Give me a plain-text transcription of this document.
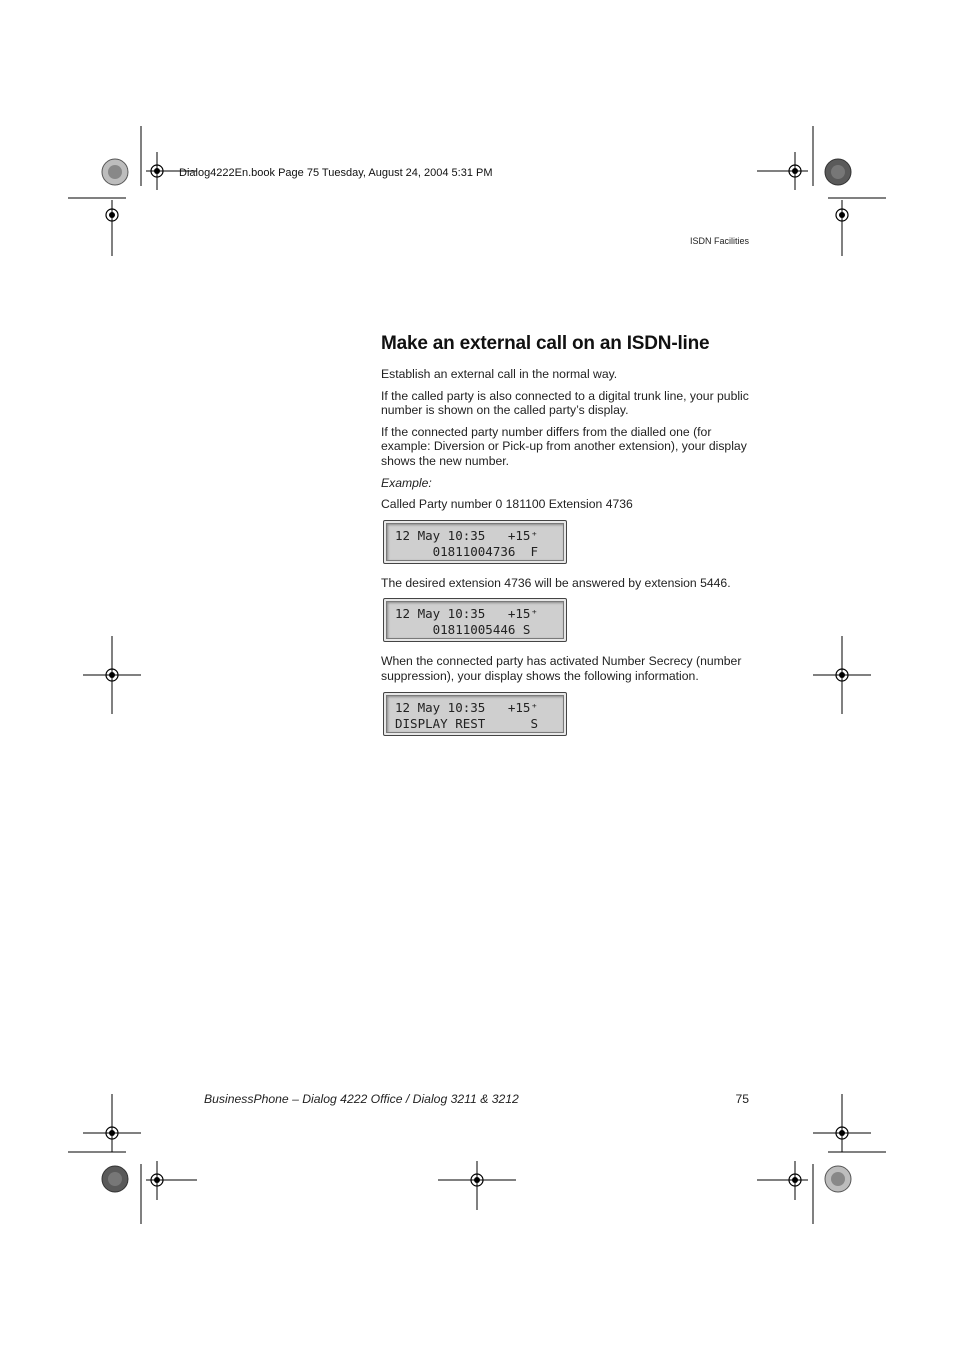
Dialog4222En.book Page 75 Tuesday, August 24, 2004 5:31 PM
ISDN Facilities
Make an external call on an ISDN-line

Establish an external call in the normal way.

If the called party is also connected to a digital trunk line, your public number is shown on the called party’s display.

If the connected party number differs from the dialled one (for example: Diversion or Pick-up from another extension), your display shows the new number.

Example:

Called Party number 0 181100 Extension 4736

12 May 10:35   +15⁺
01811004736  F

The desired extension 4736 will be answered by extension 5446.

12 May 10:35   +15⁺
01811005446 S

When the connected party has activated Number Secrecy (number suppression), your display shows the following information.

12 May 10:35   +15⁺
DISPLAY REST      S
BusinessPhone – Dialog 4222 Office / Dialog 3211 & 3212	75
